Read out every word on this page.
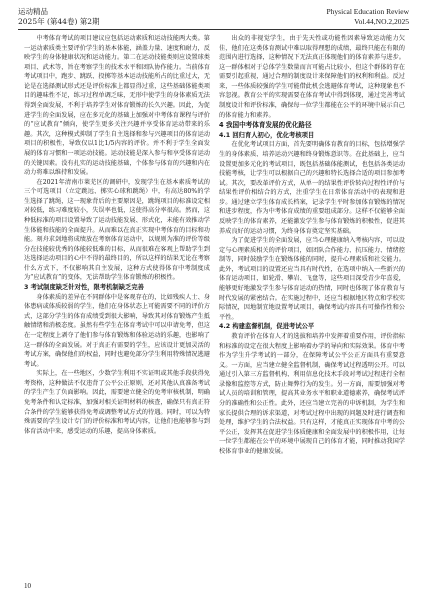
运动精品
2025年 (第44卷) 第2期
Physical Education Review
Vol.44,NO.2,2025

中考体育考试的项目建议应包括运动素质和运动技能两大类。第一运动素质类主要评价学生的基本体能，涵盖力量、速度和耐力，反映学生的身体健康状况和运动能力。第二在运动技能类则应设置球类项目、武术等，旨在考察学生的技术水平和团队协作能力。当前体育考试项目中，跑步、跳跃、投掷等基本运动技能所占的比重过大，无论是在选择测试形式还是评价标准上都显得过重，这些基础体能类项目的趣味性不足，练习过程单调乏味，无形中使学生的身体素质无法得到全面发展，不利于培养学生对体育锻炼的长久兴趣。因此，为促进学生的全面发展，应在多元化的基础上加强对中考体育课程与评价的“应试教育”倾向，使学生更多关注兴趣并享受体育运动带来的乐趣。其次，这种模式抑制了学生自主选择和参与兴趣项目的体育运动项目的积极性，导致仅以1比1/5内容的评价。并不利于学生全面发展的体育习惯和一项运动技能。运动技能是深入参与和享受体育运动的关键因素。没有扎实的运动技能基础，个体参与体育的兴趣和内在动力将难以维持和发展。

在2021年清南市莱芜区的调研中，发现学生在基本素质考试的三个可选项目（立定跳远、掷实心球和跳绳）中，有高达80%的学生选择了跳绳，这一现象背后的主要原因是，跳绳项目的标准设定相对较低，练习难度较小，失误率也低，这使得高分率很高。然而，这种低标准的项目设置导致了运动技能发展、形式化，未能有效推动学生体能和技能的全面提升。从而难以在真正实现中考体育的目标和功能。刻舟求剑地将成绩放在考察体育运动中，以规则为准的评价等级分在技能较优秀的体能较低难的目标，从而很难在客观上帮助学生到达选择运动项目的心中不得的最终目的，所以这样的结果无论在考察什么方式下，不仅影响其自主发展，这种方式使得体育中考制度成为“应试教育”的变体，无法帮助学生体育锻炼的积极性。

3 考试制度缺乏针对性，限考机制缺乏完善

身体素质的差异在不同群体中是客观存在的，比如残疾人士、身体患病或体质较弱的学生，他们在身体状态上可能需要不同的评价方式，这部分学生的体育成绩受到很大影响，导致其对体育锻炼产生抵触情绪和消极态度。虽然有些学生在体育考试中可以申请免考，但这在一定程度上剥夺了他们参与体育锻炼和体验运动的乐趣，也影响了这一群体的全面发展。对于真正有需要的学生，应该设计更加灵活的考试方案，确保他们的权益，同时也避免部分学生利用特殊情况逃避考试。

实际上，在一些地区，少数学生利用不实证明或其他手段获得免考资格，这种做法不仅违背了公平公正原则，还对其他认真准备考试的学生产生了负面影响。因此，需要建立健全的免考审核机制，明确免考条件和认定标准，加强对相关证明材料的核查，确保只有真正符合条件的学生能够获得免考或调整考试方式的待遇。同时，可以为特殊需要的学生设计专门的评价标准和考试内容，让他们也能够参与到体育活动中来，感受运动的乐趣，提高身体素质。

出众的非视觉学生，由于先天性或功能性因素导致运动能力欠佳，他们在这类体育测试中难以取得理想的成绩，最终只能在有限的范围内进行选择，这种情况下无法真正体现他们的体育素养与进步。这一群体相对于总体学生数量而言可能占比较小，但这个群体的存在需要引起重视，通过合理的制度设计来保障他们的权利和利益。反过来，一些体质较强的学生可能借此机会逃避体育考试，这种现象也不容忽视。教育公平的实现需要在体育考试中得到体现，通过完善考试制度设计和评价标准，确保每一位学生都能在公平的环境中展示自己的体育能力和素养。

4 我国中考体育发展的优化路径
4.1 回归育人初心，优化考核项目

在优化考试项目方面，首先要明确体育教育的目标，包括增强学生的身体素质、培养运动兴趣和终身锻炼意识等。在此基础上，应当设置更加多元化的考试项目，既包括基础体能测试，也包括各类运动技能考核，让学生可以根据自己的兴趣和特长选择合适的项目参加考试。其次，要改革评价方式，从单一的结果性评价转向过程性评价与结果性评价相结合的方式，注重学生在日常体育活动中的表现和进步。通过建立学生体育成长档案，记录学生平时参加体育锻炼的情况和进步程度，作为中考体育成绩的重要组成部分。这样不仅能够全面反映学生的体育素养，还能激发学生参与体育锻炼的积极性，促进其养成良好的运动习惯，为终身体育奠定坚实基础。

为了促进学生的全面发展，应当心理健康纳入考核内容，可以设定与心理素质相关的评价项目，如团队合作能力、抗压能力、情绪控制等，同时鼓励学生在锻炼体能的同时，提升心理素质和社交能力。此外，考试项目的设置还应当具有时代性，在选项中纳入一些新兴的体育运动项目，如轮滑、攀岩、飞盘等，这些项目深受青少年喜爱，能够更好地激发学生参与体育运动的热情，同时也体现了体育教育与时代发展的紧密结合。在实施过程中，还应当根据地区特点和学校实际情况，因地制宜地设置考试项目，确保考试内容具有可操作性和公平性。

4.2 构建监督机制，促进考试公平

教育评价在体育人才的选拔和培养中发挥着重要作用，评价指标和标准的设定在很大程度上影响着办学的导向和实际效果。体育中考作为学生升学考试的一部分，在保障考试公平公正方面具有重要意义。一方面，应当建立健全监督机制，确保考试过程透明公开。可以通过引入第三方监督机构、利用信息化技术手段对考试过程进行全程录像和监控等方式，防止舞弊行为的发生。另一方面，需要加强对考试人员的培训和管理，提高其业务水平和职业道德素养，确保考试评分的准确性和公正性。此外，还应当建立完善的申诉机制，为学生和家长提供合理的诉求渠道，对考试过程中出现的问题及时进行调查和处理，维护学生的合法权益。只有这样，才能真正实现体育中考的公平公正，发挥其在促进学生体质健康和全面发展中的积极作用，让每一位学生都能在公平的环境中展现自己的体育才能，同时推动我国学校体育事业的健康发展。

10
